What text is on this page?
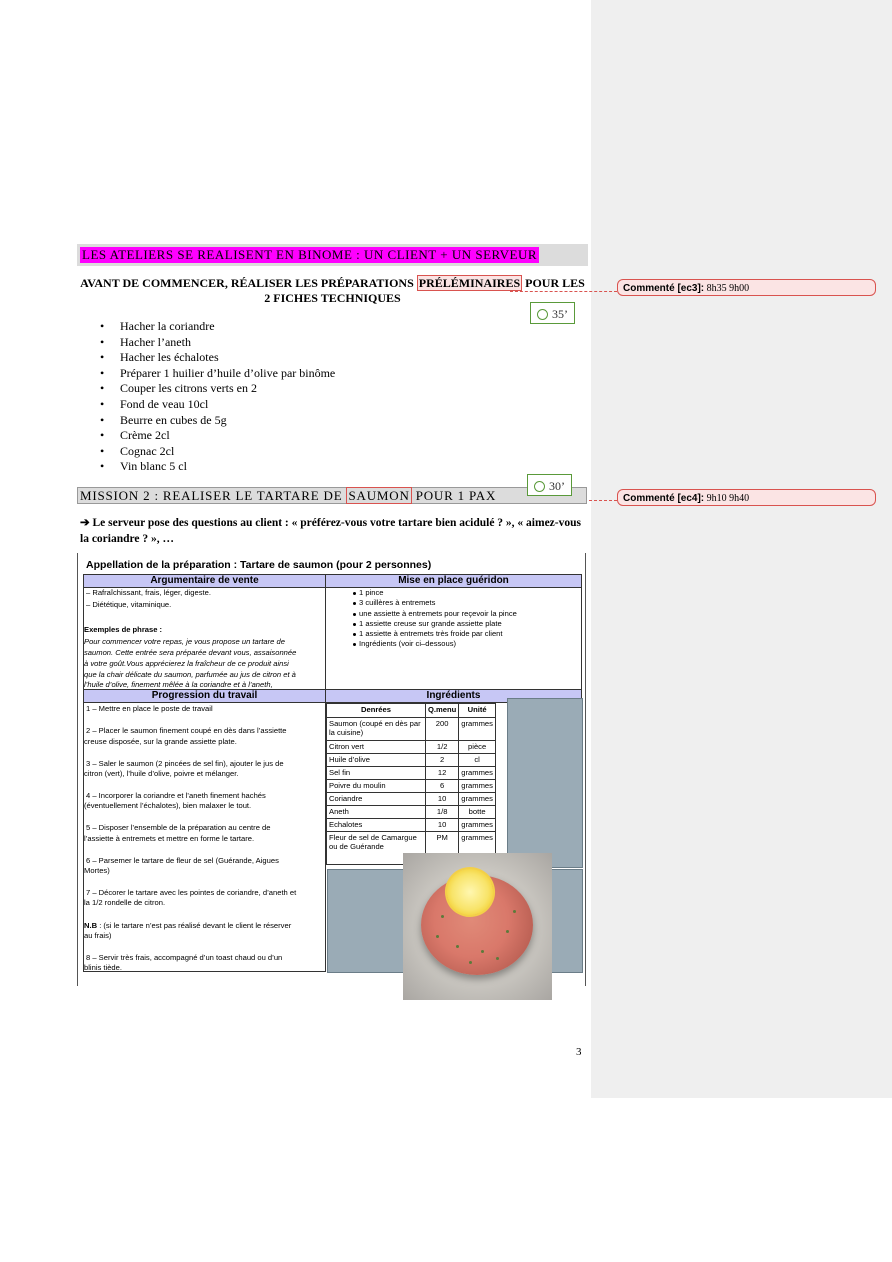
Commenté [ec3]: 8h35 9h00
Commenté [ec4]: 9h10 9h40
LES ATELIERS SE REALISENT EN BINOME : UN CLIENT + UN SERVEUR
AVANT DE COMMENCER, RÉALISER LES PRÉPARATIONS PRÉLÉMINAIRES POUR LES 2 FICHES TECHNIQUES
35’
• Hacher la coriandre
• Hacher l’aneth
• Hacher les échalotes
• Préparer 1 huilier d’huile d’olive par binôme
• Couper les citrons verts en 2
• Fond de veau 10cl
• Beurre en cubes de 5g
• Crème 2cl
• Cognac 2cl
• Vin blanc 5 cl
MISSION 2 : REALISER LE TARTARE DE SAUMON POUR 1 PAX
30’
➔ Le serveur pose des questions au client : « préférez-vous votre tartare bien acidulé ? », « aimez-vous la coriandre ? », …
Appellation de la préparation : Tartare de saumon (pour 2 personnes)
Argumentaire de vente	Mise en place guéridon
– Rafraîchissant, frais, léger, digeste.
– Diététique, vitaminique.
Exemples de phrase :
Pour commencer votre repas, je vous propose un tartare de
saumon. Cette entrée sera préparée devant vous, assaisonnée
à votre goût.Vous apprécierez la fraîcheur de ce produit ainsi
que la chair délicate du saumon, parfumée au jus de citron et à
l’huile d’olive, finement mêlée à la coriandre et à l’aneth,
1 pince
3 cuillères à entremets
une assiette à entremets pour reçevoir la pince
1 assiette creuse sur grande assiette plate
1 assiette à entremets très froide par client
Ingrédients (voir ci–dessous)
Progression du travail	Ingrédients
1 – Mettre en place le poste de travail
2 – Placer le saumon finement coupé en dès dans l’assiette
creuse disposée, sur la grande assiette plate.
3 – Saler le saumon (2 pincées de sel fin), ajouter le jus de
citron (vert), l’huile d’olive, poivre et mélanger.
4 – Incorporer la coriandre et l’aneth finement hachés
(éventuellement l’échalotes), bien malaxer le tout.
5 – Disposer l’ensemble de la préparation au centre de
l’assiette à entremets et mettre en forme le tartare.
6 – Parsemer le tartare de fleur de sel (Guérande, Aigues
Mortes)
7 – Décorer le tartare avec les pointes de coriandre, d’aneth et
la 1/2 rondelle de citron.
N.B : (si le tartare n’est pas réalisé devant le client le réserver
au frais)
8 – Servir très frais, accompagné d’un toast chaud ou d’un
blinis tiède.
Denrées	Q.menu	Unité
Saumon (coupé en dès par la cuisine)	200	grammes
Citron vert	1/2	pièce
Huile d’olive	2	cl
Sel fin	12	grammes
Poivre du moulin	6	grammes
Coriandre	10	grammes
Aneth	1/8	botte
Echalotes	10	grammes
Fleur de sel de Camargue ou de Guérande	PM	grammes
3
